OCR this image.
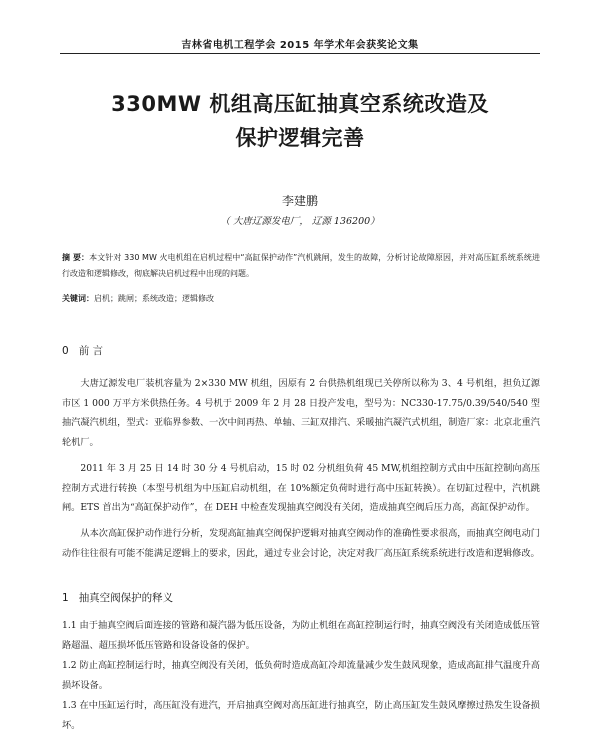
吉林省电机工程学会 2015 年学术年会获奖论文集
330MW 机组高压缸抽真空系统改造及
保护逻辑完善
李建鹏
（ 大唐辽源发电厂， 辽源 136200）
摘 要：本文针对 330 MW 火电机组在启机过程中“高缸保护动作”汽机跳闸，发生的故障，分析讨论故障原因，并对高压缸系统系统进行改造和逻辑修改，彻底解决启机过程中出现的问题。
关键词：启机；跳闸；系统改造；逻辑修改
0 前 言
大唐辽源发电厂装机容量为 2×330 MW 机组，因原有 2 台供热机组现已关停所以称为 3、4 号机组，担负辽源市区 1 000 万平方米供热任务。4 号机于 2009 年 2 月 28 日投产发电，型号为：NC330-17.75/0.39/540/540 型抽汽凝汽机组，型式：亚临界参数、一次中间再热、单轴、三缸双排汽、采暖抽汽凝汽式机组，制造厂家：北京北重汽轮机厂。
2011 年 3 月 25 日 14 时 30 分 4 号机启动，15 时 02 分机组负荷 45 MW,机组控制方式由中压缸控制向高压控制方式进行转换（本型号机组为中压缸启动机组，在 10%额定负荷时进行高中压缸转换）。在切缸过程中，汽机跳闸。ETS 首出为“高缸保护动作”，在 DEH 中检查发现抽真空阀没有关闭，造成抽真空阀后压力高，高缸保护动作。
从本次高缸保护动作进行分析，发现高缸抽真空阀保护逻辑对抽真空阀动作的准确性要求很高，而抽真空阀电动门动作往往很有可能不能满足逻辑上的要求，因此，通过专业会讨论，决定对我厂高压缸系统系统进行改造和逻辑修改。
1 抽真空阀保护的释义
1.1 由于抽真空阀后面连接的管路和凝汽器为低压设备，为防止机组在高缸控制运行时，抽真空阀没有关闭造成低压管路超温、超压损坏低压管路和设备设备的保护。
1.2 防止高缸控制运行时，抽真空阀没有关闭，低负荷时造成高缸冷却流量减少发生鼓风现象，造成高缸排气温度升高损坏设备。
1.3 在中压缸运行时，高压缸没有进汽，开启抽真空阀对高压缸进行抽真空，防止高压缸发生鼓风摩擦过热发生设备损坏。
